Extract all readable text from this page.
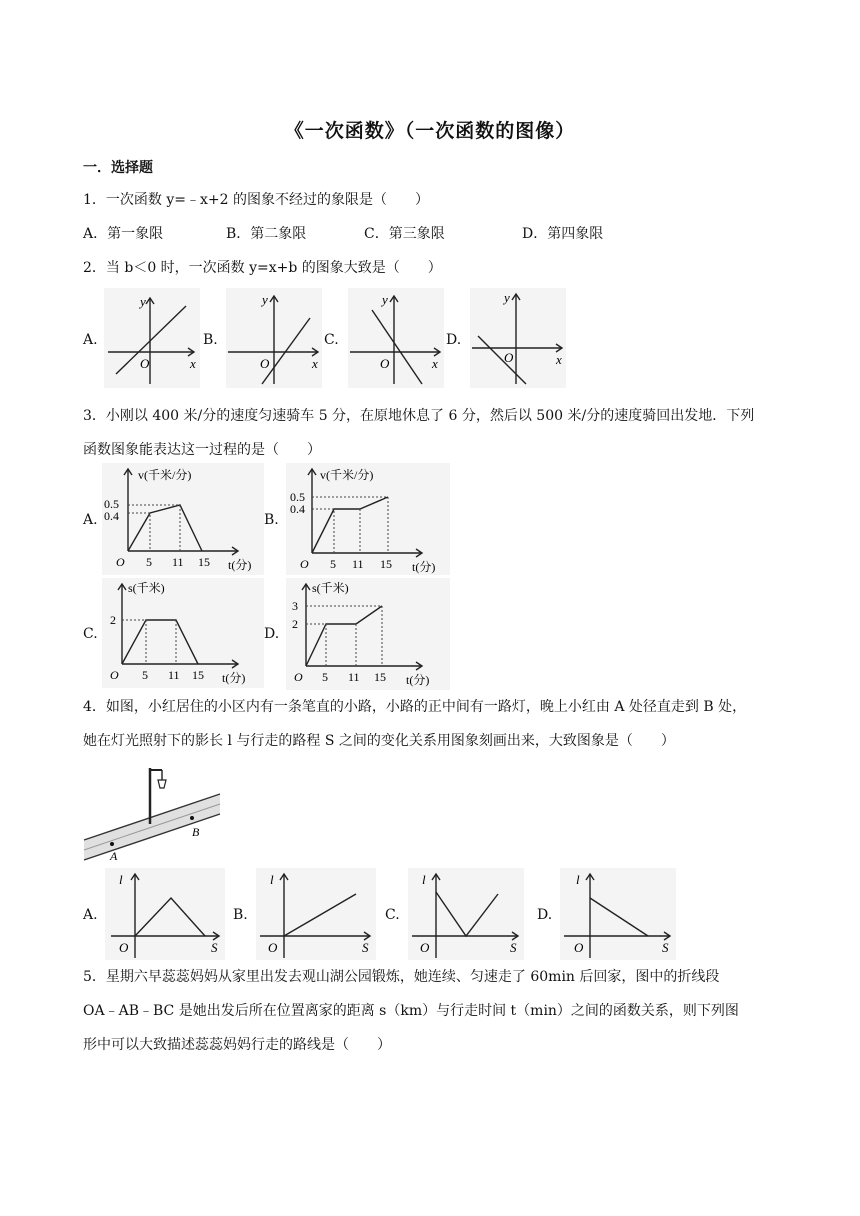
《一次函数》（一次函数的图像）
一．选择题
1．一次函数 y=﹣x+2 的图象不经过的象限是（　　）
A．第一象限	B．第二象限	C．第三象限	D．第四象限
2．当 b＜0 时，一次函数 y=x+b 的图象大致是（　　）
A.
O	x
y
B.
O	x
y
C.
O	x
y
D.
O	x
y
3．小刚以 400 米/分的速度匀速骑车 5 分，在原地休息了 6 分，然后以 500 米/分的速度骑回出发地．下列
函数图象能表达这一过程的是（　　）
A.
v(千米/分)
0.5
0.4
O 5 11 15 t(分)
B.
v(千米/分)
0.5
0.4
O 5 11 15 t(分)
C.
s(千米)
2
O 5 11 15 t(分)
D.
s(千米)
3
2
O 5 11 15 t(分)
4．如图，小红居住的小区内有一条笔直的小路，小路的正中间有一路灯，晚上小红由 A 处径直走到 B 处，
她在灯光照射下的影长 l 与行走的路程 S 之间的变化关系用图象刻画出来，大致图象是（　　）
A
B
A.
O	S
l
B.
O	S
l
C.
O	S
l
D.
O	S
l
5．星期六早蕊蕊妈妈从家里出发去观山湖公园锻炼，她连续、匀速走了 60min 后回家，图中的折线段
OA﹣AB﹣BC 是她出发后所在位置离家的距离 s（km）与行走时间 t（min）之间的函数关系，则下列图
形中可以大致描述蕊蕊妈妈行走的路线是（　　）
